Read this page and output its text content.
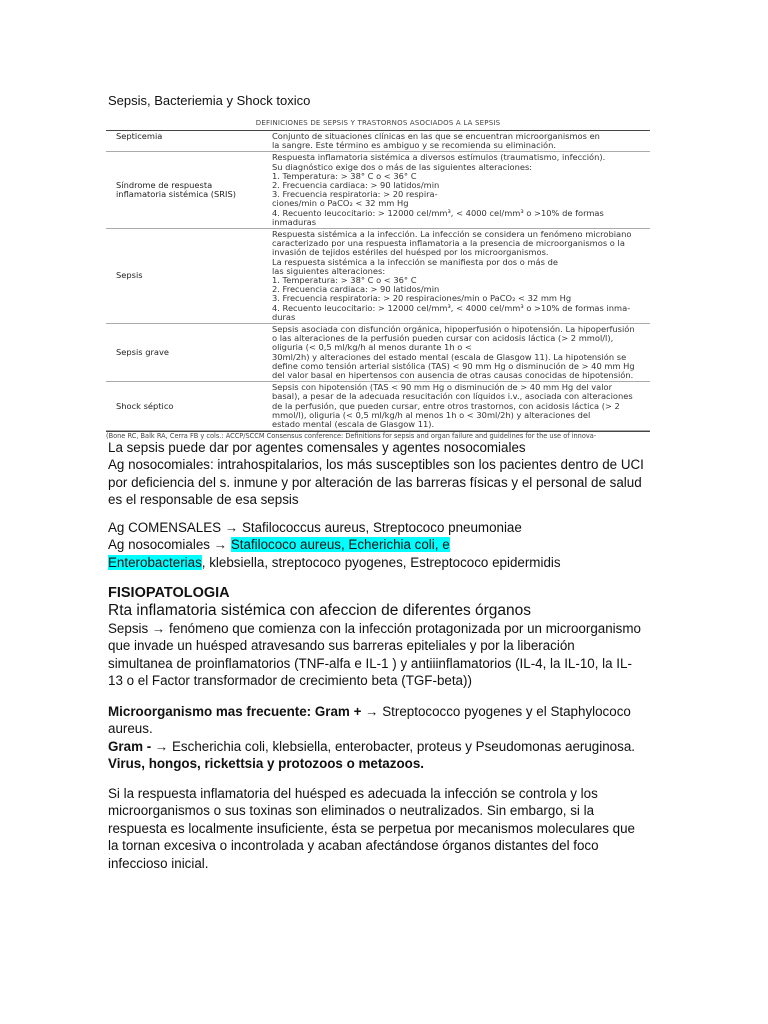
Sepsis, Bacteriemia y Shock toxico
DEFINICIONES DE SEPSIS Y TRASTORNOS ASOCIADOS A LA SEPSIS
Septicemia	Conjunto de situaciones clínicas en las que se encuentran microorganismos en
la sangre. Este término es ambiguo y se recomienda su eliminación.
Síndrome de respuesta inflamatoria sistémica (SRIS)
Respuesta inflamatoria sistémica a diversos estímulos (traumatismo, infección).
Su diagnóstico exige dos o más de las siguientes alteraciones:
1. Temperatura: > 38° C o < 36° C
2. Frecuencia cardiaca: > 90 latidos/min
3. Frecuencia respiratoria: > 20 respira-
ciones/min o PaCO₂ < 32 mm Hg
4. Recuento leucocitario: > 12000 cel/mm³, < 4000 cel/mm³ o >10% de formas
inmaduras
Sepsis
Respuesta sistémica a la infección. La infección se considera un fenómeno microbiano
caracterizado por una respuesta inflamatoria a la presencia de microorganismos o la
invasión de tejidos estériles del huésped por los microorganismos.
La respuesta sistémica a la infección se manifiesta por dos o más de
las siguientes alteraciones:
1. Temperatura: > 38° C o < 36° C
2. Frecuencia cardiaca: > 90 latidos/min
3. Frecuencia respiratoria: > 20 respiraciones/min o PaCO₂ < 32 mm Hg
4. Recuento leucocitario: > 12000 cel/mm³, < 4000 cel/mm³ o >10% de formas inma-
duras
Sepsis grave
Sepsis asociada con disfunción orgánica, hipoperfusión o hipotensión. La hipoperfusión
o las alteraciones de la perfusión pueden cursar con acidosis láctica (> 2 mmol/l),
oliguria (< 0,5 ml/kg/h al menos durante 1h o <
30ml/2h) y alteraciones del estado mental (escala de Glasgow 11). La hipotensión se
define como tensión arterial sistólica (TAS) < 90 mm Hg o disminución de > 40 mm Hg
del valor basal en hipertensos con ausencia de otras causas conocidas de hipotensión.
Shock séptico
Sepsis con hipotensión (TAS < 90 mm Hg o disminución de > 40 mm Hg del valor
basal), a pesar de la adecuada resucitación con líquidos i.v., asociada con alteraciones
de la perfusión, que pueden cursar, entre otros trastornos, con acidosis láctica (> 2
mmol/l), oliguria (< 0,5 ml/kg/h al menos 1h o < 30ml/2h) y alteraciones del
estado mental (escala de Glasgow 11).
(Bone RC, Balk RA, Cerra FB y cols.: ACCP/SCCM Consensus conference: Definitions for sepsis and organ failure and guidelines for the use of innova-
La sepsis puede dar por agentes comensales y agentes nosocomiales
Ag nosocomiales: intrahospitalarios, los más susceptibles son los pacientes dentro de UCI
por deficiencia del s. inmune y por alteración de las barreras físicas y el personal de salud
es el responsable de esa sepsis
Ag COMENSALES → Stafilococcus aureus, Streptococo pneumoniae
Ag nosocomiales → Stafilococo aureus, Echerichia coli, e
Enterobacterias, klebsiella, streptococo pyogenes, Estreptococo epidermidis
FISIOPATOLOGIA
Rta inflamatoria sistémica con afeccion de diferentes órganos
Sepsis → fenómeno que comienza con la infección protagonizada por un microorganismo
que invade un huésped atravesando sus barreras epiteliales y por la liberación
simultanea de proinflamatorios (TNF-alfa e IL-1 ) y antiiinflamatorios (IL-4, la IL-10, la IL-
13 o el Factor transformador de crecimiento beta (TGF-beta))
Microorganismo mas frecuente: Gram + → Streptococco pyogenes y el Staphylococo
aureus.
Gram - → Escherichia coli, klebsiella, enterobacter, proteus y Pseudomonas aeruginosa.
Virus, hongos, rickettsia y protozoos o metazoos.
Si la respuesta inflamatoria del huésped es adecuada la infección se controla y los
microorganismos o sus toxinas son eliminados o neutralizados. Sin embargo, si la
respuesta es localmente insuficiente, ésta se perpetua por mecanismos moleculares que
la tornan excesiva o incontrolada y acaban afectándose órganos distantes del foco
infeccioso inicial.
